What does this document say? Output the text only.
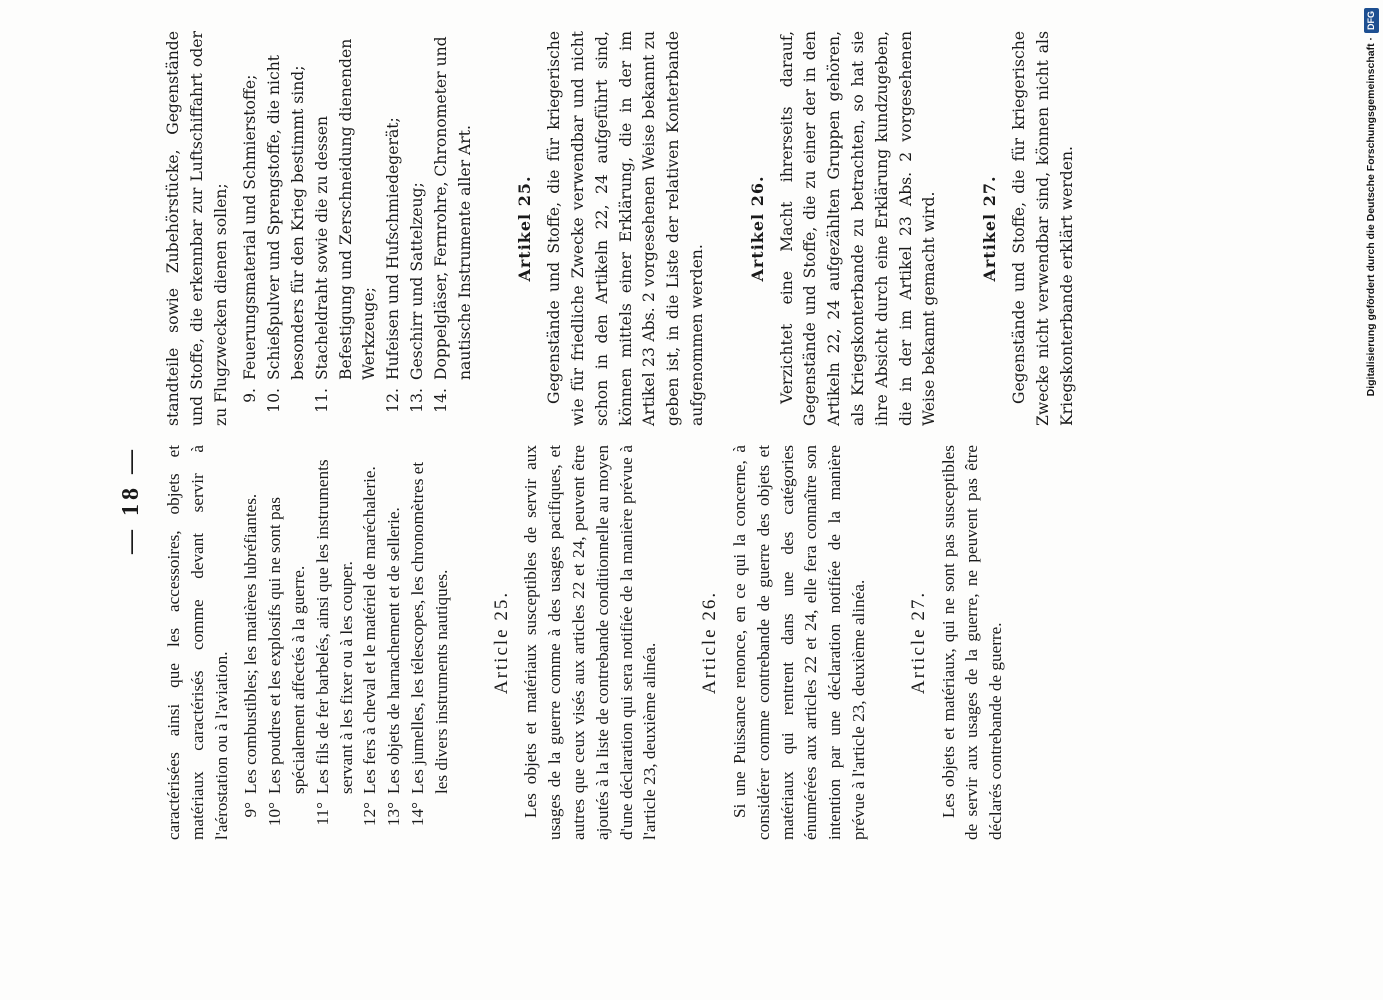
— 18 — caractérisées ainsi que les accessoires, objets et matériaux caractérisés comme devant servir à l'aérostation ou à l'aviation. 9°
Les combustibles; les matières lubréfiantes.
10°
Les poudres et les explosifs qui ne sont pas spécialement affectés à la guerre.
11°
Les fils de fer barbelés, ainsi que les instruments servant à les fixer ou à les couper.
12°
Les fers à cheval et le matériel de maréchalerie.
13°
Les objets de harnachement et de sellerie.
14°
Les jumelles, les télescopes, les chronomètres et les divers instruments nautiques. Article 25. Les objets et matériaux susceptibles de servir aux usages de la guerre comme à des usages pacifiques, et autres que ceux visés aux articles 22 et 24, peuvent être ajoutés à la liste de contrebande conditionnelle au moyen d'une déclaration qui sera notifiée de la manière prévue à l'article 23, deuxième alinéa.

Article 26. Si une Puissance renonce, en ce qui la concerne, à considérer comme contrebande de guerre des objets et matériaux qui rentrent dans une des catégories énumérées aux articles 22 et 24, elle fera connaître son intention par une déclaration notifiée de la manière prévue à l'article 23, deuxième alinéa. Article 27. Les objets et matériaux, qui ne sont pas susceptibles de servir aux usages de la guerre, ne peuvent pas être déclarés contrebande de guerre.

standteile sowie Zubehörstücke, Gegenstände und Stoffe, die erkennbar zur Luftschiffahrt oder zu Flugzwecken dienen sollen; 9.
Feuerungsmaterial und Schmierstoffe;
10.
Schießpulver und Sprengstoffe, die nicht besonders für den Krieg bestimmt sind;
11.
Stacheldraht sowie die zu dessen Befestigung und Zerschneidung dienenden Werkzeuge;
12.
Hufeisen und Hufschmiedegerät;
13.
Geschirr und Sattelzeug;
14.
Doppelgläser, Fernrohre, Chronometer und nautische Instrumente aller Art.	Artikel 25. Gegenstände und Stoffe, die für kriegerische wie für friedliche Zwecke verwendbar und nicht schon in den Artikeln 22, 24 aufgeführt sind, können mittels einer Erklärung, die in der im Artikel 23 Abs. 2 vorgesehenen Weise bekannt zu geben ist, in die Liste der relativen Konterbande aufgenommen werden.

Artikel 26. Verzichtet eine Macht ihrerseits darauf, Gegenstände und Stoffe, die zu einer der in den Artikeln 22, 24 aufgezählten Gruppen gehören, als Kriegskonterbande zu betrachten, so hat sie ihre Absicht durch eine Erklärung kundzugeben, die in der im Artikel 23 Abs. 2 vorgesehenen Weise bekannt gemacht wird.	Artikel 27. Gegenstände und Stoffe, die für kriegerische Zwecke nicht verwendbar sind, können nicht als Kriegskonterbande erklärt werden.	Digitalisierung gefördert durch die Deutsche Forschungsgemeinschaft ·
DFG
